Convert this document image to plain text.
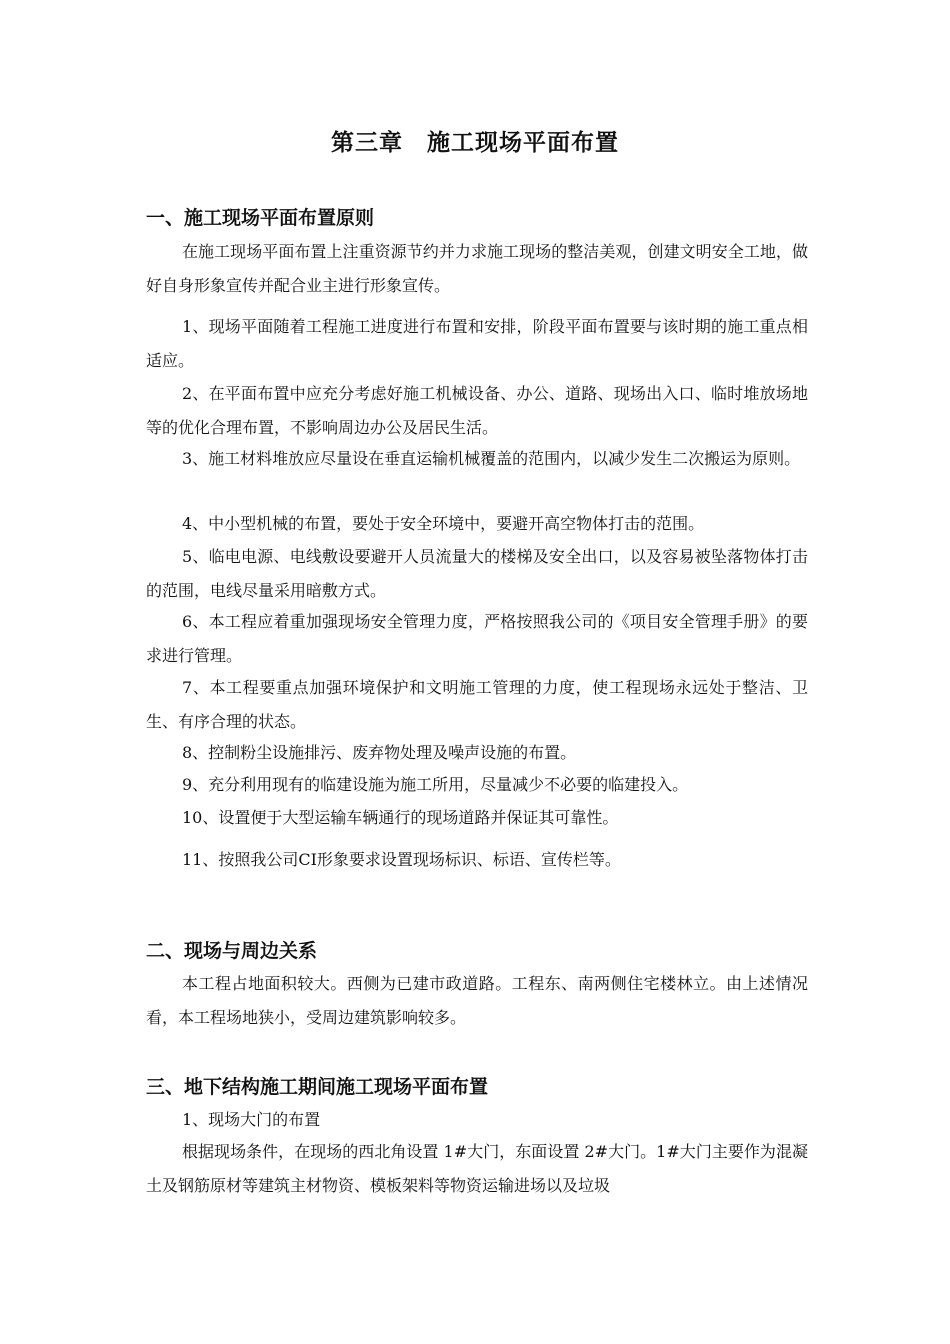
第三章　施工现场平面布置
一、施工现场平面布置原则

在施工现场平面布置上注重资源节约并力求施工现场的整洁美观，创建文明安全工地，做好自身形象宣传并配合业主进行形象宣传。

1、现场平面随着工程施工进度进行布置和安排，阶段平面布置要与该时期的施工重点相适应。

2、在平面布置中应充分考虑好施工机械设备、办公、道路、现场出入口、临时堆放场地等的优化合理布置，不影响周边办公及居民生活。

3、施工材料堆放应尽量设在垂直运输机械覆盖的范围内，以减少发生二次搬运为原则。

4、中小型机械的布置，要处于安全环境中，要避开高空物体打击的范围。

5、临电电源、电线敷设要避开人员流量大的楼梯及安全出口，以及容易被坠落物体打击的范围，电线尽量采用暗敷方式。

6、本工程应着重加强现场安全管理力度，严格按照我公司的《项目安全管理手册》的要求进行管理。

7、本工程要重点加强环境保护和文明施工管理的力度，使工程现场永远处于整洁、卫生、有序合理的状态。

8、控制粉尘设施排污、废弃物处理及噪声设施的布置。

9、充分利用现有的临建设施为施工所用，尽量减少不必要的临建投入。

10、设置便于大型运输车辆通行的现场道路并保证其可靠性。

11、按照我公司CI形象要求设置现场标识、标语、宣传栏等。

二、现场与周边关系

本工程占地面积较大。西侧为已建市政道路。工程东、南两侧住宅楼林立。由上述情况看，本工程场地狭小，受周边建筑影响较多。

三、地下结构施工期间施工现场平面布置

1、现场大门的布置

根据现场条件，在现场的西北角设置 1#大门，东面设置 2#大门。1#大门主要作为混凝土及钢筋原材等建筑主材物资、模板架料等物资运输进场以及垃圾
